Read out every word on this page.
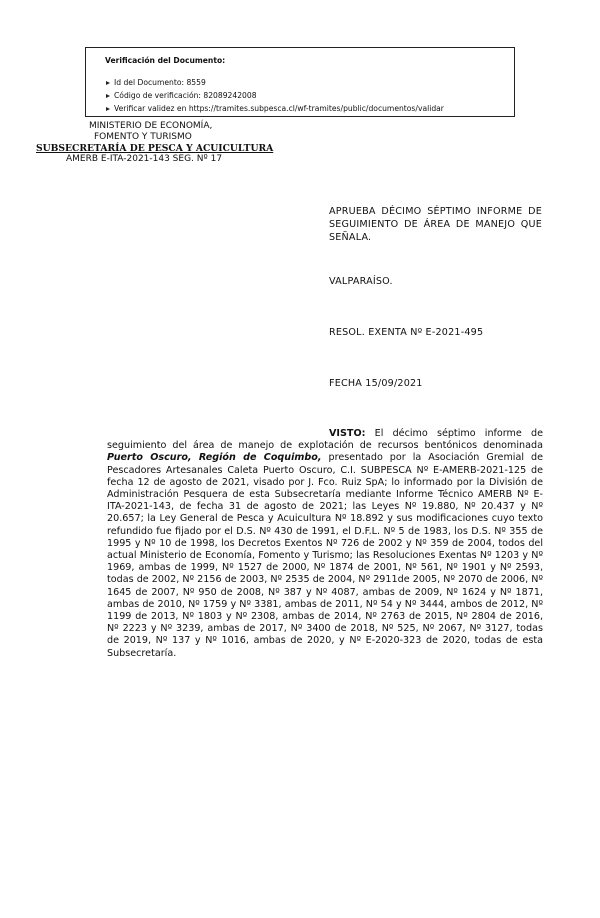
Verificación del Documento:
Id del Documento: 8559
Código de verificación: 82089242008
Verificar validez en https://tramites.subpesca.cl/wf-tramites/public/documentos/validar
MINISTERIO DE ECONOMÍA,
FOMENTO Y TURISMO
SUBSECRETARÍA DE PESCA Y ACUICULTURA
AMERB E-ITA-2021-143 SEG. Nº 17
APRUEBA DÉCIMO SÉPTIMO INFORME DE SEGUIMIENTO DE ÁREA DE MANEJO QUE SEÑALA.
VALPARAÍSO.
RESOL. EXENTA Nº E-2021-495
FECHA 15/09/2021
VISTO: El décimo séptimo informe de seguimiento del área de manejo de explotación de recursos bentónicos denominada Puerto Oscuro, Región de Coquimbo, presentado por la Asociación Gremial de Pescadores Artesanales Caleta Puerto Oscuro, C.I. SUBPESCA Nº E-AMERB-2021-125 de fecha 12 de agosto de 2021, visado por J. Fco. Ruiz SpA; lo informado por la División de Administración Pesquera de esta Subsecretaría mediante Informe Técnico AMERB Nº E-ITA-2021-143, de fecha 31 de agosto de 2021; las Leyes Nº 19.880, Nº 20.437 y Nº 20.657; la Ley General de Pesca y Acuicultura Nº 18.892 y sus modificaciones cuyo texto refundido fue fijado por el D.S. Nº 430 de 1991, el D.F.L. Nº 5 de 1983, los D.S. Nº 355 de 1995 y Nº 10 de 1998, los Decretos Exentos Nº 726 de 2002 y Nº 359 de 2004, todos del actual Ministerio de Economía, Fomento y Turismo; las Resoluciones Exentas Nº 1203 y Nº 1969, ambas de 1999, Nº 1527 de 2000, Nº 1874 de 2001, Nº 561, Nº 1901 y Nº 2593, todas de 2002, Nº 2156 de 2003, Nº 2535 de 2004, Nº 2911de 2005, Nº 2070 de 2006, Nº 1645 de 2007, Nº 950 de 2008, Nº 387 y Nº 4087, ambas de 2009, Nº 1624 y Nº 1871, ambas de 2010, Nº 1759 y Nº 3381, ambas de 2011, Nº 54 y Nº 3444, ambos de 2012, Nº 1199 de 2013, Nº 1803 y Nº 2308, ambas de 2014, Nº 2763 de 2015, Nº 2804 de 2016, Nº 2223 y Nº 3239, ambas de 2017, Nº 3400 de 2018, Nº 525, Nº 2067, Nº 3127, todas de 2019, Nº 137 y Nº 1016, ambas de 2020, y Nº E-2020-323 de 2020, todas de esta Subsecretaría.
